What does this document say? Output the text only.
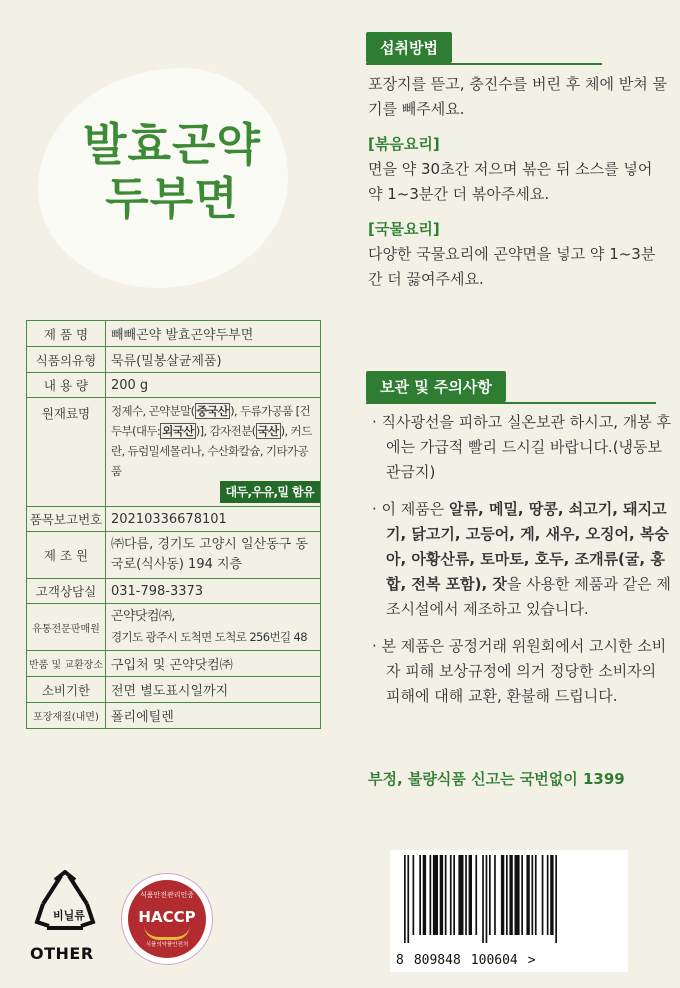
발효곤약
두부면
제 품 명	빼빼곤약 발효곤약두부면
식품의유형	묵류(밀봉살균제품)
내 용 량	200 g
원재료명	정제수, 곤약분말( 중국산 ), 두류가공품 [건두부(대두: 외국산 )], 감자전분( 국산 ), 커드란, 듀럼밀세몰리나, 수산화칼슘, 기타가공품
대두,우유,밀 함유

품목보고번호	20210336678101
제 조 원	㈜다름, 경기도 고양시 일산동구 동국로(식사동) 194 지층
고객상담실	031-798-3373
유통전문판매원	곤약닷컴㈜,
경기도 광주시 도척면 도척로 256번길 48

반품 및 교환장소	구입처 및 곤약닷컴㈜
소비기한	전면 별도표시일까지
포장재질(내면)	폴리에틸렌
섭취방법
포장지를 뜯고, 충진수를 버린 후 체에 받쳐 물기를 빼주세요.
[볶음요리]
면을 약 30초간 저으며 볶은 뒤 소스를 넣어 약 1~3분간 더 볶아주세요.
[국물요리]
다양한 국물요리에 곤약면을 넣고 약 1~3분간 더 끓여주세요.
보관 및 주의사항
· 직사광선을 피하고 실온보관 하시고, 개봉 후에는 가급적 빨리 드시길 바랍니다.(냉동보관금지)
· 이 제품은 알류, 메밀, 땅콩, 쇠고기, 돼지고기, 닭고기, 고등어, 게, 새우, 오징어, 복숭아, 아황산류, 토마토, 호두, 조개류(굴, 홍합, 전복 포함), 잣을 사용한 제품과 같은 제조시설에서 제조하고 있습니다.
· 본 제품은 공정거래 위원회에서 고시한 소비자 피해 보상규정에 의거 정당한 소비자의 피해에 대해 교환, 환불해 드립니다.
부정, 불량식품 신고는 국번없이 1399
비닐류
OTHER
식품안전관리인증
HACCP
식품의약품안전처
8 809848 100604 >
